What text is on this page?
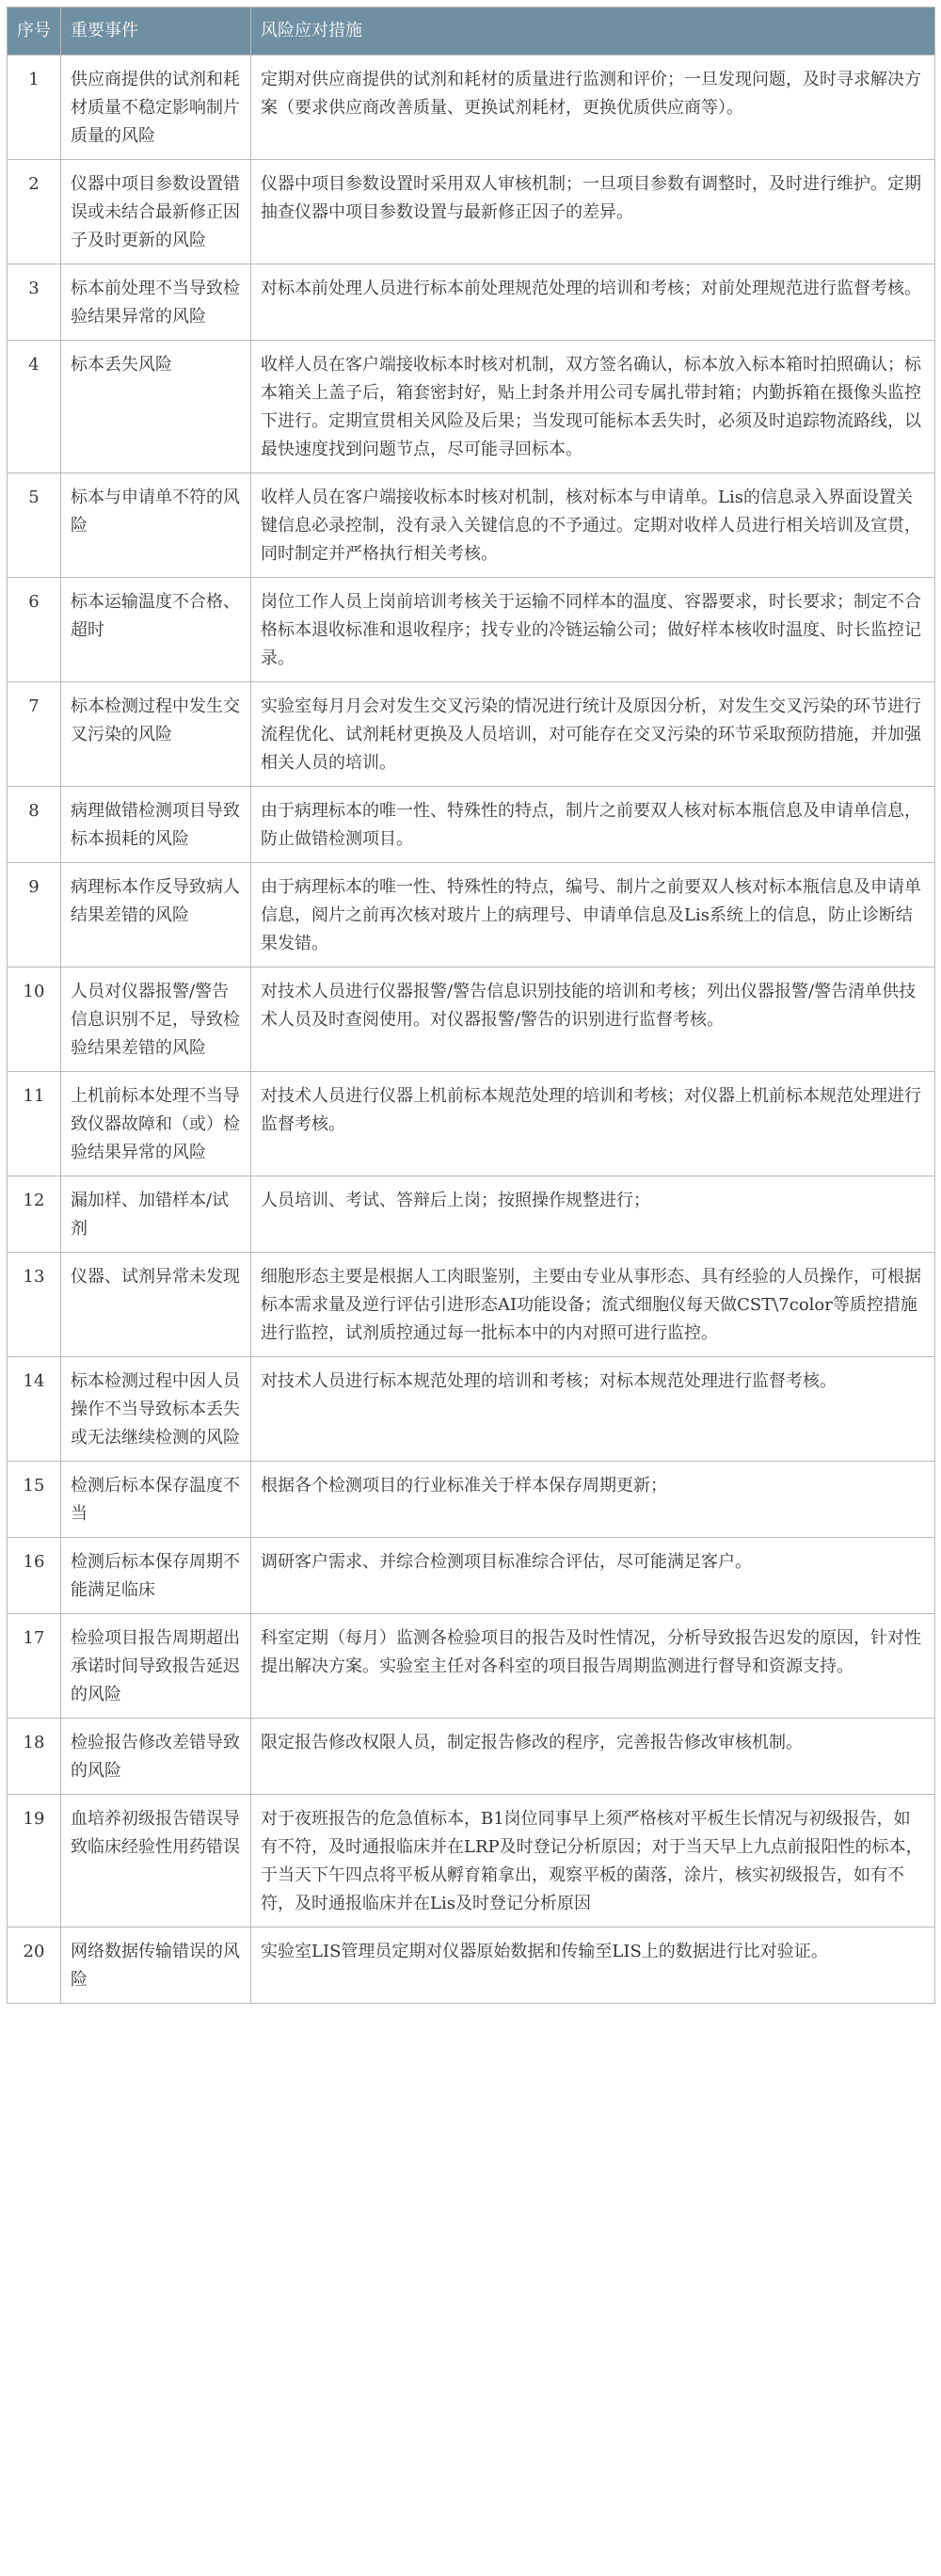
序号	重要事件	风险应对措施
1	供应商提供的试剂和耗材质量不稳定影响制片质量的风险	定期对供应商提供的试剂和耗材的质量进行监测和评价；一旦发现问题，及时寻求解决方案（要求供应商改善质量、更换试剂耗材，更换优质供应商等）。
2	仪器中项目参数设置错误或未结合最新修正因子及时更新的风险	仪器中项目参数设置时采用双人审核机制；一旦项目参数有调整时，及时进行维护。定期抽查仪器中项目参数设置与最新修正因子的差异。
3	标本前处理不当导致检验结果异常的风险	对标本前处理人员进行标本前处理规范处理的培训和考核；对前处理规范进行监督考核。
4	标本丢失风险	收样人员在客户端接收标本时核对机制，双方签名确认，标本放入标本箱时拍照确认；标本箱关上盖子后，箱套密封好，贴上封条并用公司专属扎带封箱；内勤拆箱在摄像头监控下进行。定期宣贯相关风险及后果；当发现可能标本丢失时，必须及时追踪物流路线，以最快速度找到问题节点，尽可能寻回标本。
5	标本与申请单不符的风险	收样人员在客户端接收标本时核对机制，核对标本与申请单。Lis的信息录入界面设置关键信息必录控制，没有录入关键信息的不予通过。定期对收样人员进行相关培训及宣贯，同时制定并严格执行相关考核。
6	标本运输温度不合格、超时	岗位工作人员上岗前培训考核关于运输不同样本的温度、容器要求，时长要求；制定不合格标本退收标准和退收程序；找专业的冷链运输公司；做好样本核收时温度、时长监控记录。
7	标本检测过程中发生交叉污染的风险	实验室每月月会对发生交叉污染的情况进行统计及原因分析，对发生交叉污染的环节进行流程优化、试剂耗材更换及人员培训，对可能存在交叉污染的环节采取预防措施，并加强相关人员的培训。
8	病理做错检测项目导致标本损耗的风险	由于病理标本的唯一性、特殊性的特点，制片之前要双人核对标本瓶信息及申请单信息，防止做错检测项目。
9	病理标本作反导致病人结果差错的风险	由于病理标本的唯一性、特殊性的特点，编号、制片之前要双人核对标本瓶信息及申请单信息，阅片之前再次核对玻片上的病理号、申请单信息及Lis系统上的信息，防止诊断结果发错。
10	人员对仪器报警/警告信息识别不足，导致检验结果差错的风险	对技术人员进行仪器报警/警告信息识别技能的培训和考核；列出仪器报警/警告清单供技术人员及时查阅使用。对仪器报警/警告的识别进行监督考核。
11	上机前标本处理不当导致仪器故障和（或）检验结果异常的风险	对技术人员进行仪器上机前标本规范处理的培训和考核；对仪器上机前标本规范处理进行监督考核。
12	漏加样、加错样本/试剂	人员培训、考试、答辩后上岗；按照操作规整进行；
13	仪器、试剂异常未发现	细胞形态主要是根据人工肉眼鉴别，主要由专业从事形态、具有经验的人员操作，可根据标本需求量及逆行评估引进形态AI功能设备；流式细胞仪每天做CST\7color等质控措施进行监控，试剂质控通过每一批标本中的内对照可进行监控。
14	标本检测过程中因人员操作不当导致标本丢失或无法继续检测的风险	对技术人员进行标本规范处理的培训和考核；对标本规范处理进行监督考核。
15	检测后标本保存温度不当	根据各个检测项目的行业标准关于样本保存周期更新；
16	检测后标本保存周期不能满足临床	调研客户需求、并综合检测项目标准综合评估，尽可能满足客户。
17	检验项目报告周期超出承诺时间导致报告延迟的风险	科室定期（每月）监测各检验项目的报告及时性情况，分析导致报告迟发的原因，针对性提出解决方案。实验室主任对各科室的项目报告周期监测进行督导和资源支持。
18	检验报告修改差错导致的风险	限定报告修改权限人员，制定报告修改的程序，完善报告修改审核机制。
19	血培养初级报告错误导致临床经验性用药错误	对于夜班报告的危急值标本，B1岗位同事早上须严格核对平板生长情况与初级报告，如有不符，及时通报临床并在LRP及时登记分析原因；对于当天早上九点前报阳性的标本，于当天下午四点将平板从孵育箱拿出，观察平板的菌落，涂片，核实初级报告，如有不符，及时通报临床并在Lis及时登记分析原因
20	网络数据传输错误的风险	实验室LIS管理员定期对仪器原始数据和传输至LIS上的数据进行比对验证。
